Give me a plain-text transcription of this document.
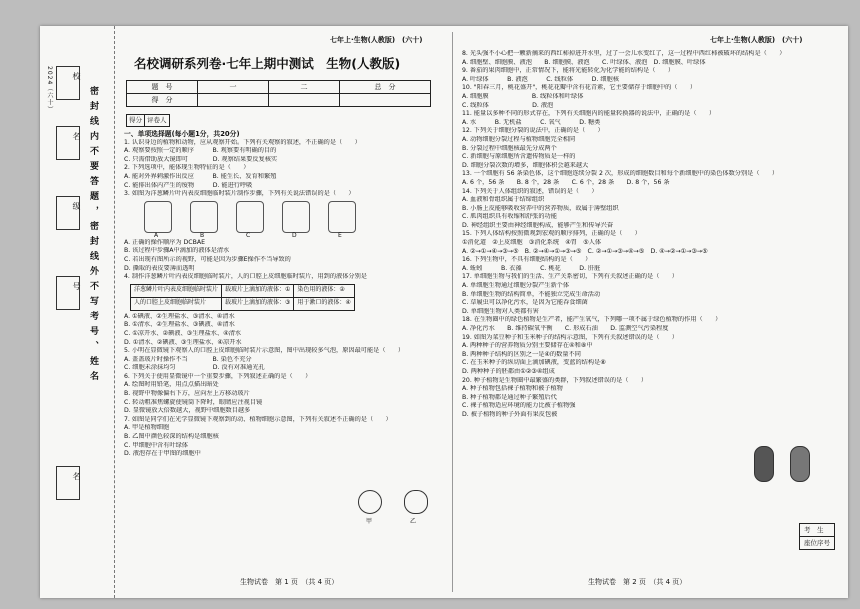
校
名
级
号
名
2024（六十）	密封线内不要答题，密封线外不写考号、姓名
七年上·生物(人教版)　(六十)
名校调研系列卷·七年上期中测试　生物(人教版)
题　号	一	二	总　分
得　分			
得分	评卷人

一、单项选择题(每小题1分，共20分)

1. 认识身边的植物和动物，应从观察开始。下列有关观察的叙述，不正确的是（　　）

A. 观察要按照一定的顺序　　　B. 观察要有明确的目的

C. 只需借助放大镜即可　　　　D. 观察结果要反复核实

2. 下列选项中，能体现生物特征的是（　　）

A. 能对外界刺激作出反应　　　B. 能生长、发育和繁殖

C. 能排出体内产生的废物　　　D. 能进行呼吸

3. 如图为洋葱鳞片叶内表皮细胞临时装片制作步骤，下列有关说法错误的是（　　）

A	B	C	D	E

A. 正确的操作顺序为 DCBAE

B. 该过程中步骤A中滴加的液体是清水

C. 若出现有图所示的视野，可能是因为步骤E操作不当导致的

D. 撕取的表皮要薄而透明

4. 制作洋葱鳞片叶内表皮细胞临时装片，人的口腔上皮细胞临时装片，用到的液体分别是

洋葱鳞片叶内表皮细胞临时装片	载玻片上滴加的液体：①	染色用的液体：②
人的口腔上皮细胞临时装片	载玻片上滴加的液体：③	用于漱口的液体：④

A. ①碘液、②生理盐水、③清水、④清水

B. ①清水、②生理盐水、③碘液、④清水

C. ①凉开水、②碘液、③生理盐水、④清水

D. ①清水、②碘液、③生理盐水、④凉开水

5. 小明在显微镜下观察人的口腔上皮细胞临时装片示意图，图中出现较多气泡，原因最可能是（　　）

A. 盖盖玻片时操作不当　　　　B. 染色不充分

C. 细胞未涂抹均匀　　　　　　D. 没有对准通光孔

6. 下列关于使用显微镜中一个重要步骤，下列叙述正确的是（　　）

A. 绘图时用铅笔，用点点描出暗处

B. 视野中物像偏右下方，应向左上方移动玻片

C. 转动粗准焦螺旋使镜筒下降时，眼睛应注视目镜

D. 显微镜放大倍数越大，视野中细胞数目越多

7. 如图是同学们在光学显微镜下观察到的动、植物细胞示意图，下列有关叙述不正确的是（　　）

A. 甲是植物细胞

B. 乙图中颜色较深的结构是细胞核

C. 甲细胞中含有叶绿体

D. 液泡存在于甲图的细胞中

甲	乙
生物试卷　第 1 页　（共 4 页）
七年上·生物(人教版)　(六十)

8. 光头强不小心把一颗新摘来的西红柿掉进开水里，过了一会儿水变红了，这一过程中西红柿被破坏的结构是（　　）

A. 细胞壁、细胞膜、液泡　　B. 细胞膜、液泡　　C. 叶绿体、液泡　D. 细胞膜、叶绿体

9. 番茄的果肉细胞中，正常情况下，能将光能转化为化学能的结构是（　　）

A. 叶绿体　　　B. 液泡　　　C. 线粒体　　　D. 细胞核

10. "阳春三月，桃花盛开"，桃花花瓣中含有花青素，它主要储存于细胞中的（　　）

A. 细胞膜　　　　　　　B. 线粒体和叶绿体

C. 线粒体　　　　　　　D. 液泡

11. 能量以多种不同的形式存在，下列有关细胞内的能量转换器的说法中，正确的是（　　）

A. 水　　　B. 无机盐　　　C. 氧气　　　D. 糖类

12. 下列关于细胞分裂的说法中，正确的是（　　）

A. 动物细胞分裂过程与植物细胞完全相同

B. 分裂过程中细胞核最先分成两个

C. 新细胞与原细胞所含遗传物质是一样的

D. 细胞分裂次数的增多，细胞体积会越来越大

13. 一个细胞有 56 条染色体，这个细胞连续分裂 2 次，形成的细胞数目和每个新细胞中的染色体数分别是（　　）

A. 6 个，56 条　　B. 8 个，28 条　　C. 6 个，28 条　　D. 8 个，56 条

14. 下列关于人体组织的叙述，错误的是（　　）

A. 血液和骨组织属于结缔组织

B. 小肠上皮能够吸收营养中的营养物质，故属于薄壁组织

C. 肌肉组织具有收缩和舒张的功能

D. 神经组织主要由神经细胞构成，能够产生和传导兴奋

15. 下列人体结构按照微观到宏观的顺序排列，正确的是（　　）

①消化道　②上皮细胞　③消化系统　④胃　⑤人体

A. ②→①→④→③→⑤　B. ②→④→①→③→⑤　C. ②→①→③→④→⑤　D. ④→②→①→③→⑤

16. 下列生物中，不具有细胞结构的是（　　）

A. 蚯蚓　　　B. 衣藻　　　C. 桃花　　　D. 肝脏

17. 单细胞生物与我们的生活、生产关系密切，下列有关叙述正确的是（　　）

A. 单细胞生物通过细胞分裂产生新个体

B. 单细胞生物的结构简单，不能独立完成生命活动

C. 草履虫可以净化污水，是因为它能吞食细菌

D. 单细胞生物对人类都有害

18. 在生物圈中的绿色植物是生产者，能产生氧气，下列哪一项不属于绿色植物的作用（　　）

A. 净化污水　　B. 维持碳氧平衡　　C. 形成石油　　D. 监测空气污染程度

19. 如图为菜豆种子和玉米种子的结构示意图，下列有关叙述错误的是（　　）

A. 两种种子的营养物质分别主要储存在④和⑧中

B. 两种种子结构的区别之一是④的数量不同

C. 在玉米种子的纵切面上滴加碘液，变蓝的结构是⑧

D. 两种种子的胚都由①②③④组成

20. 种子植物是生物圈中最繁盛的类群，下列叙述错误的是（　　）

A. 种子植物包括裸子植物和被子植物

B. 种子植物都是通过种子繁殖后代

C. 裸子植物适应环境的能力比被子植物强

D. 被子植物的种子外面有果皮包被

考　生
座位序号
生物试卷　第 2 页　（共 4 页）
